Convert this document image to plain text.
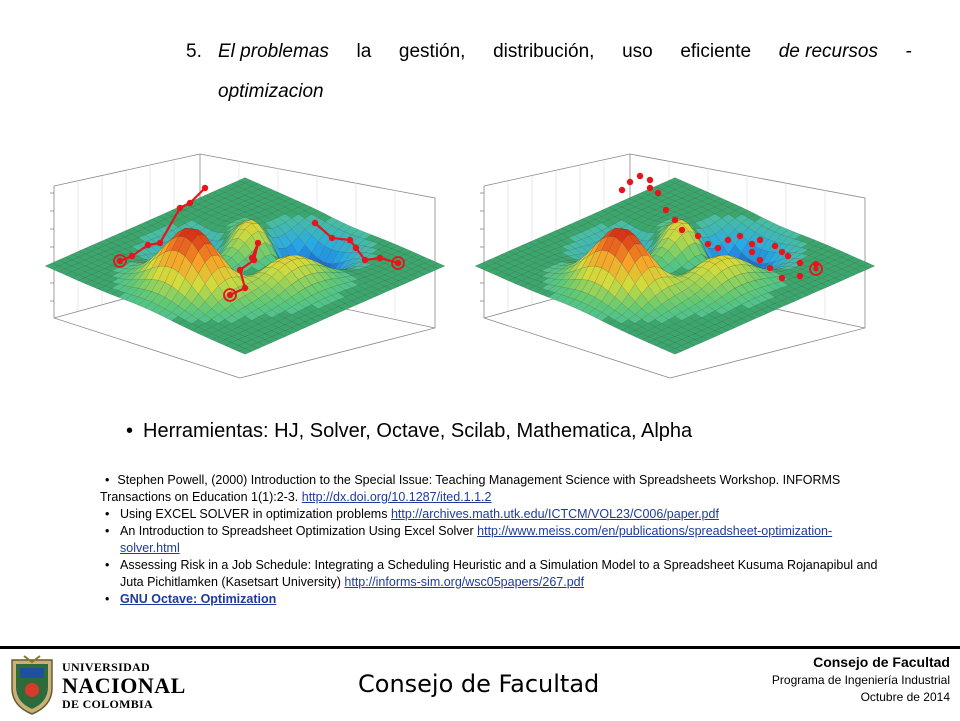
5. El problemas la gestión, distribución, uso eficiente de recursos -
optimizacion
• Herramientas: HJ, Solver, Octave, Scilab, Mathematica, Alpha
• Stephen Powell, (2000) Introduction to the Special Issue: Teaching Management Science with Spreadsheets Workshop. INFORMS Transactions on Education 1(1):2-3. http://dx.doi.org/10.1287/ited.1.1.2
• Using EXCEL SOLVER in optimization problems http://archives.math.utk.edu/ICTCM/VOL23/C006/paper.pdf
• An Introduction to Spreadsheet Optimization Using Excel Solver http://www.meiss.com/en/publications/spreadsheet-optimization-solver.html
• Assessing Risk in a Job Schedule: Integrating a Scheduling Heuristic and a Simulation Model to a Spreadsheet Kusuma Rojanapibul and Juta Pichitlamken (Kasetsart University) http://informs-sim.org/wsc05papers/267.pdf
• GNU Octave: Optimization
UNIVERSIDAD
NACIONAL
DE COLOMBIA
Consejo de Facultad
Consejo de Facultad
Programa de Ingeniería Industrial
Octubre de 2014
